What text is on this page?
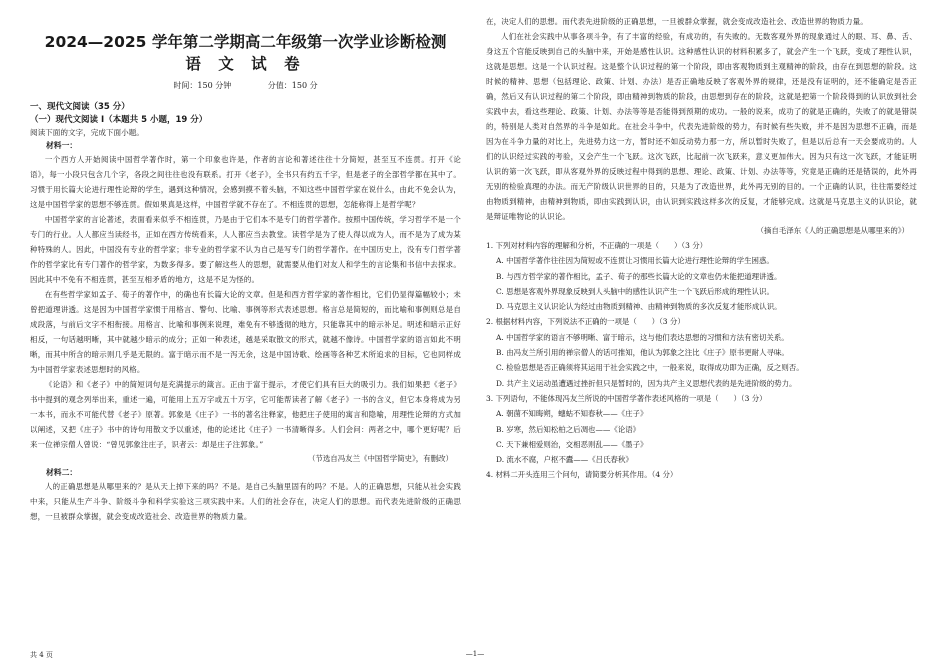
2024—2025 学年第二学期高二年级第一次学业诊断检测
语 文 试 卷
时间：150 分钟	分值：150 分
一、现代文阅读（35 分）
（一）现代文阅读 I（本题共 5 小题，19 分）
阅读下面的文字，完成下面小题。
材料一：
一个西方人开始阅读中国哲学著作时，第一个印象也许是，作者的言论和著述往往十分简短，甚至互不连贯。打开《论语》，每一小段只包含几个字，各段之间往往也没有联系。打开《老子》，全书只有约五千字，但是老子的全部哲学都在其中了。习惯于用长篇大论进行理性论辩的学生，遇到这种情况，会感到摸不着头脑，不知这些中国哲学家在说什么，由此不免会认为，这是中国哲学家的思想不够连贯。假如果真是这样，中国哲学就不存在了。不相连贯的思想，怎能称得上是哲学呢？
中国哲学家的言论著述，表面看来似乎不相连贯，乃是由于它们本不是专门的哲学著作。按照中国传统，学习哲学不是一个专门的行业。人人都应当读经书，正如在西方传统看来，人人都应当去教堂。读哲学是为了使人得以成为人，而不是为了成为某种特殊的人。因此，中国没有专业的哲学家；非专业的哲学家不认为自己是写专门的哲学著作。在中国历史上，没有专门哲学著作的哲学家比有专门著作的哲学家，为数多得多。要了解这些人的思想，就需要从他们对友人和学生的言论集和书信中去探求。因此其中不免有不相连贯，甚至互相矛盾的地方，这是不足为怪的。
在有些哲学家如孟子、荀子的著作中，的确也有长篇大论的文章。但是和西方哲学家的著作相比，它们仍显得篇幅较小；未曾把道理讲透。这是因为中国哲学家惯于用格言、警句、比喻、事例等形式表述思想。格言总是简短的，而比喻和事例则总是自成段落，与前后文字不相衔接。用格言、比喻和事例来说理，难免有不够透彻的地方，只能靠其中的暗示补足。明述和暗示正好相反，一句话越明晰，其中就越少暗示的成分；正如一种表述，越是采取散文的形式，就越不像诗。中国哲学家的语言如此不明晰，而其中所含的暗示则几乎是无限的。富于暗示而不是一泻无余，这是中国诗歌、绘画等各种艺术所追求的目标，它也同样成为中国哲学家表述思想时的风格。
《论语》和《老子》中的简短词句是充满提示的箴言。正由于富于提示，才使它们具有巨大的吸引力。我们如果把《老子》书中提到的观念列举出来，重述一遍，可能用上五万字或五十万字，它可能帮读者了解《老子》一书的含义，但它本身将成为另一本书，而永不可能代替《老子》原著。郭象是《庄子》一书的著名注释家，他把庄子使用的寓言和隐喻，用理性论辩的方式加以阐述，又把《庄子》书中的诗句用散文予以重述，他的论述比《庄子》一书清晰得多。人们会问：两者之中，哪个更好呢？后来一位禅宗僧人曾说：“曾见郭象注庄子，识者云：却是庄子注郭象。”
（节选自冯友兰《中国哲学简史》，有删改）
材料二：
人的正确思想是从哪里来的？是从天上掉下来的吗？不是。是自己头脑里固有的吗？不是。人的正确思想，只能从社会实践中来，只能从生产斗争、阶级斗争和科学实验这三项实践中来。人们的社会存在，决定人们的思想。而代表先进阶级的正确思想，一旦被群众掌握，就会变成改造社会、改造世界的物质力量。
在，决定人们的思想。而代表先进阶级的正确思想，一旦被群众掌握，就会变成改造社会、改造世界的物质力量。
人们在社会实践中从事各项斗争，有了丰富的经验，有成功的，有失败的。无数客观外界的现象通过人的眼、耳、鼻、舌、身这五个官能反映到自己的头脑中来，开始是感性认识。这种感性认识的材料积累多了，就会产生一个飞跃，变成了理性认识，这就是思想。这是一个认识过程。这是整个认识过程的第一个阶段，即由客观物质到主观精神的阶段，由存在到思想的阶段。这时候的精神、思想（包括理论、政策、计划、办法）是否正确地反映了客观外界的规律，还是没有证明的，还不能确定是否正确，然后又有认识过程的第二个阶段，即由精神到物质的阶段，由思想到存在的阶段，这就是把第一个阶段得到的认识放到社会实践中去，看这些理论、政策、计划、办法等等是否能得到预期的成功。一般的说来，成功了的就是正确的，失败了的就是错误的，特别是人类对自然界的斗争是如此。在社会斗争中，代表先进阶级的势力，有时候有些失败，并不是因为思想不正确，而是因为在斗争力量的对比上，先进势力这一方，暂时还不如反动势力那一方，所以暂时失败了，但是以后总有一天会要成功的。人们的认识经过实践的考验，又会产生一个飞跃。这次飞跃，比起前一次飞跃来，意义更加伟大。因为只有这一次飞跃，才能证明认识的第一次飞跃，即从客观外界的反映过程中得到的思想、理论、政策、计划、办法等等，究竟是正确的还是错误的，此外再无别的检验真理的办法。而无产阶级认识世界的目的，只是为了改造世界，此外再无别的目的。一个正确的认识，往往需要经过由物质到精神，由精神到物质，即由实践到认识，由认识到实践这样多次的反复，才能够完成。这就是马克思主义的认识论，就是辩证唯物论的认识论。
（摘自毛泽东《人的正确思想是从哪里来的》）
1. 下列对材料内容的理解和分析，不正确的一项是（　　）（3 分）
A. 中国哲学著作往往因为简短或不连贯让习惯用长篇大论进行理性论辩的学生困惑。
B. 与西方哲学家的著作相比，孟子、荀子的那些长篇大论的文章也仍未能把道理讲透。
C. 思想是客观外界现象反映到人头脑中的感性认识产生一个飞跃后形成的理性认识。
D. 马克思主义认识论认为经过由物质到精神、由精神到物质的多次反复才能形成认识。
2. 根据材料内容，下列说法不正确的一项是（　　）（3 分）
A. 中国哲学家的语言不够明晰、富于暗示，这与他们表达思想的习惯和方法有密切关系。
B. 由冯友兰所引用的禅宗僧人的话可推知，他认为郭象之注比《庄子》原书更耐人寻味。
C. 检验思想是否正确须将其运用于社会实践之中，一般来说，取得成功即为正确，反之则否。
D. 共产主义运动虽遭遇过挫折但只是暂时的，因为共产主义思想代表的是先进阶级的势力。
3. 下列语句，不能体现冯友兰所说的中国哲学著作表述风格的一项是（　　）（3 分）
A. 朝菌不知晦朔，蟪蛄不知春秋——《庄子》
B. 岁寒，然后知松柏之后凋也——《论语》
C. 天下兼相爱则治，交相恶则乱——《墨子》
D. 流水不腐，户枢不蠹——《吕氏春秋》
4. 材料二开头连用三个问句，请简要分析其作用。（4 分）
共 4 页	—1—
